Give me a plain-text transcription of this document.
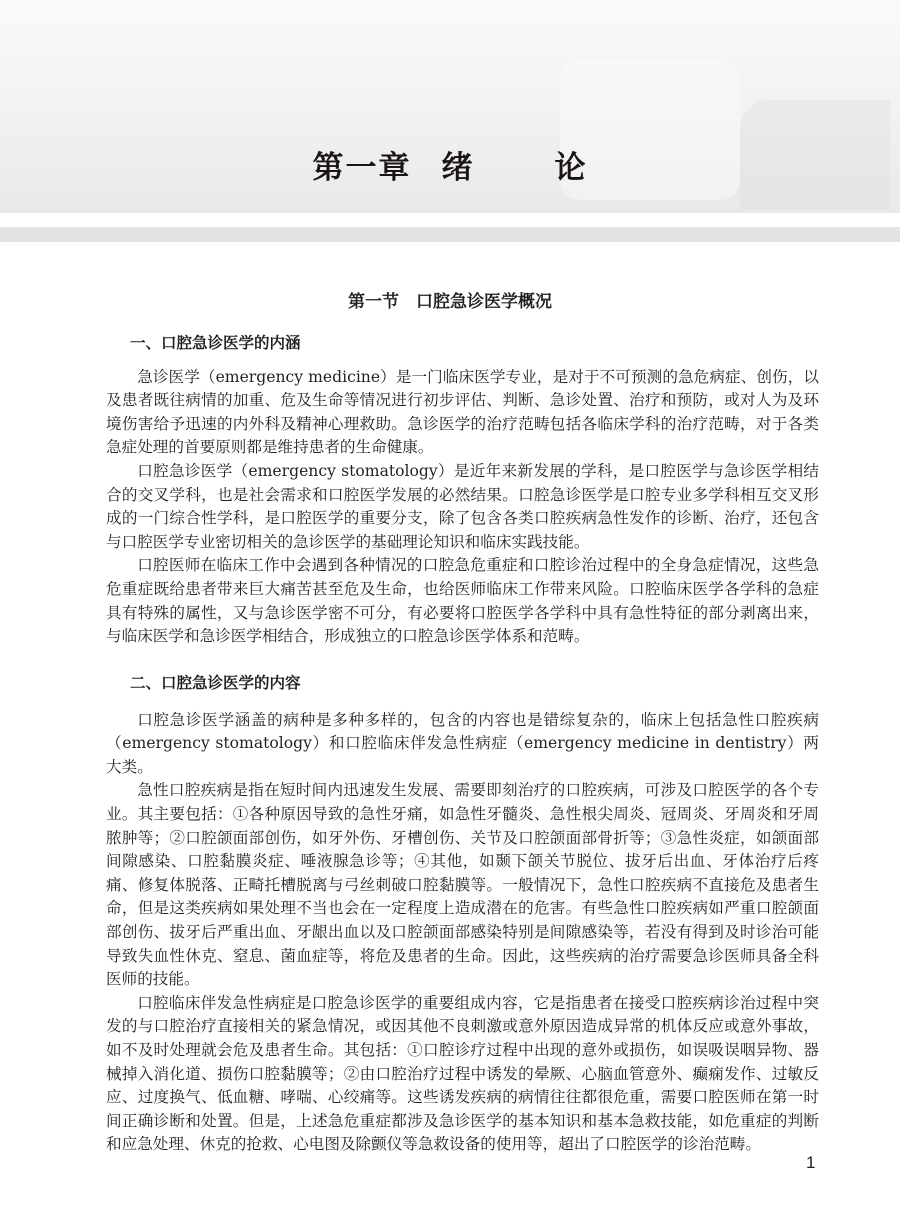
第一章 绪	论
第一节　口腔急诊医学概况
一、口腔急诊医学的内涵

急诊医学（emergency medicine）是一门临床医学专业，是对于不可预测的急危病症、创伤，以及患者既往病情的加重、危及生命等情况进行初步评估、判断、急诊处置、治疗和预防，或对人为及环境伤害给予迅速的内外科及精神心理救助。急诊医学的治疗范畴包括各临床学科的治疗范畴，对于各类急症处理的首要原则都是维持患者的生命健康。

口腔急诊医学（emergency stomatology）是近年来新发展的学科，是口腔医学与急诊医学相结合的交叉学科，也是社会需求和口腔医学发展的必然结果。口腔急诊医学是口腔专业多学科相互交叉形成的一门综合性学科，是口腔医学的重要分支，除了包含各类口腔疾病急性发作的诊断、治疗，还包含与口腔医学专业密切相关的急诊医学的基础理论知识和临床实践技能。

口腔医师在临床工作中会遇到各种情况的口腔急危重症和口腔诊治过程中的全身急症情况，这些急危重症既给患者带来巨大痛苦甚至危及生命，也给医师临床工作带来风险。口腔临床医学各学科的急症具有特殊的属性，又与急诊医学密不可分，有必要将口腔医学各学科中具有急性特征的部分剥离出来，与临床医学和急诊医学相结合，形成独立的口腔急诊医学体系和范畴。

二、口腔急诊医学的内容

口腔急诊医学涵盖的病种是多种多样的，包含的内容也是错综复杂的，临床上包括急性口腔疾病（emergency stomatology）和口腔临床伴发急性病症（emergency medicine in dentistry）两大类。

急性口腔疾病是指在短时间内迅速发生发展、需要即刻治疗的口腔疾病，可涉及口腔医学的各个专业。其主要包括：①各种原因导致的急性牙痛，如急性牙髓炎、急性根尖周炎、冠周炎、牙周炎和牙周脓肿等；②口腔颌面部创伤，如牙外伤、牙槽创伤、关节及口腔颌面部骨折等；③急性炎症，如颌面部间隙感染、口腔黏膜炎症、唾液腺急诊等；④其他，如颞下颌关节脱位、拔牙后出血、牙体治疗后疼痛、修复体脱落、正畸托槽脱离与弓丝刺破口腔黏膜等。一般情况下，急性口腔疾病不直接危及患者生命，但是这类疾病如果处理不当也会在一定程度上造成潜在的危害。有些急性口腔疾病如严重口腔颌面部创伤、拔牙后严重出血、牙龈出血以及口腔颌面部感染特别是间隙感染等，若没有得到及时诊治可能导致失血性休克、窒息、菌血症等，将危及患者的生命。因此，这些疾病的治疗需要急诊医师具备全科医师的技能。

口腔临床伴发急性病症是口腔急诊医学的重要组成内容，它是指患者在接受口腔疾病诊治过程中突发的与口腔治疗直接相关的紧急情况，或因其他不良刺激或意外原因造成异常的机体反应或意外事故，如不及时处理就会危及患者生命。其包括：①口腔诊疗过程中出现的意外或损伤，如误吸误咽异物、器械掉入消化道、损伤口腔黏膜等；②由口腔治疗过程中诱发的晕厥、心脑血管意外、癫痫发作、过敏反应、过度换气、低血糖、哮喘、心绞痛等。这些诱发疾病的病情往往都很危重，需要口腔医师在第一时间正确诊断和处置。但是，上述急危重症都涉及急诊医学的基本知识和基本急救技能，如危重症的判断和应急处理、休克的抢救、心电图及除颤仪等急救设备的使用等，超出了口腔医学的诊治范畴。

1
